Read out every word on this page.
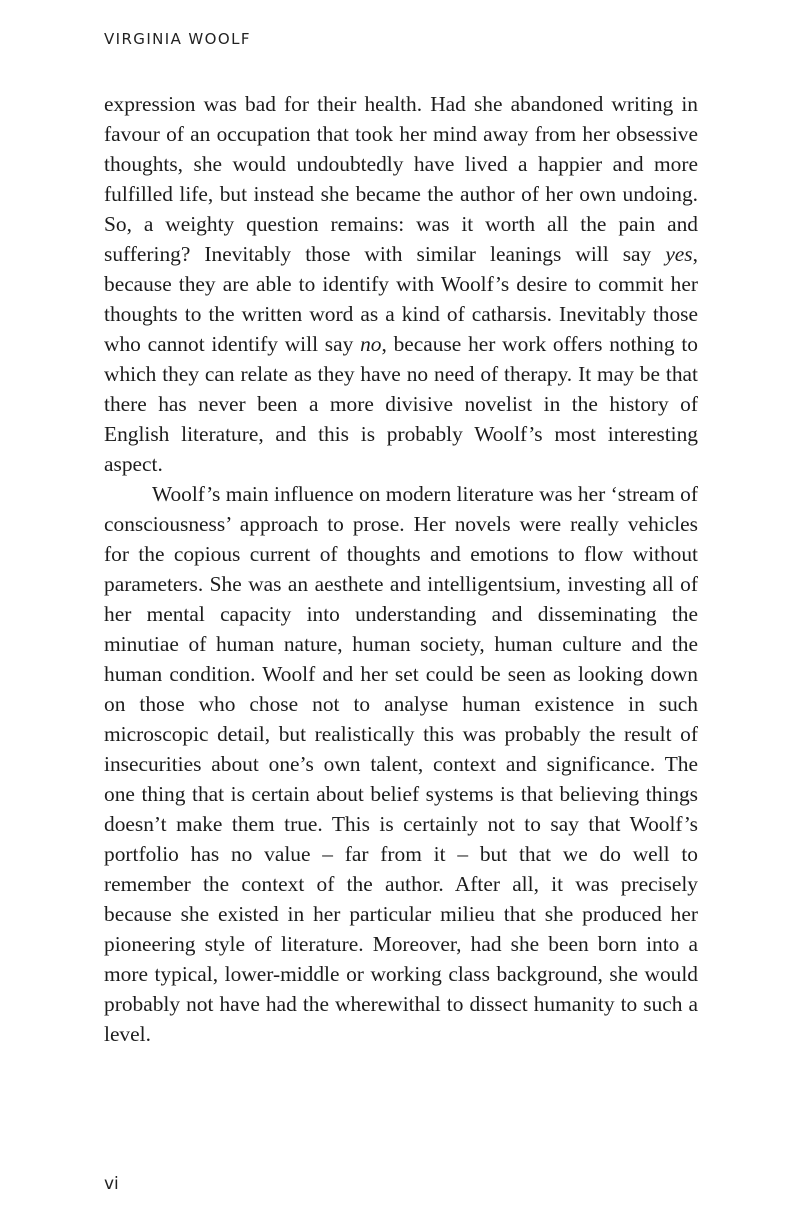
VIRGINIA WOOLF

expression was bad for their health. Had she abandoned writing in favour of an occupation that took her mind away from her obsessive thoughts, she would undoubtedly have lived a happier and more fulfilled life, but instead she became the author of her own undoing. So, a weighty question remains: was it worth all the pain and suffering? Inevitably those with similar leanings will say yes, because they are able to identify with Woolf’s desire to commit her thoughts to the written word as a kind of catharsis. Inevitably those who cannot identify will say no, because her work offers nothing to which they can relate as they have no need of therapy. It may be that there has never been a more divisive novelist in the history of English literature, and this is probably Woolf’s most interesting aspect.

Woolf’s main influence on modern literature was her ‘stream of consciousness’ approach to prose. Her novels were really vehicles for the copious current of thoughts and emotions to flow without parameters. She was an aesthete and intelligentsium, investing all of her mental capacity into understanding and disseminating the minutiae of human nature, human society, human culture and the human condition. Woolf and her set could be seen as looking down on those who chose not to analyse human existence in such microscopic detail, but realistically this was probably the result of insecurities about one’s own talent, context and significance. The one thing that is certain about belief systems is that believing things doesn’t make them true. This is certainly not to say that Woolf’s portfolio has no value – far from it – but that we do well to remember the context of the author. After all, it was precisely because she existed in her particular milieu that she produced her pioneering style of literature. Moreover, had she been born into a more typical, lower-middle or working class background, she would probably not have had the wherewithal to dissect humanity to such a level.

vi
